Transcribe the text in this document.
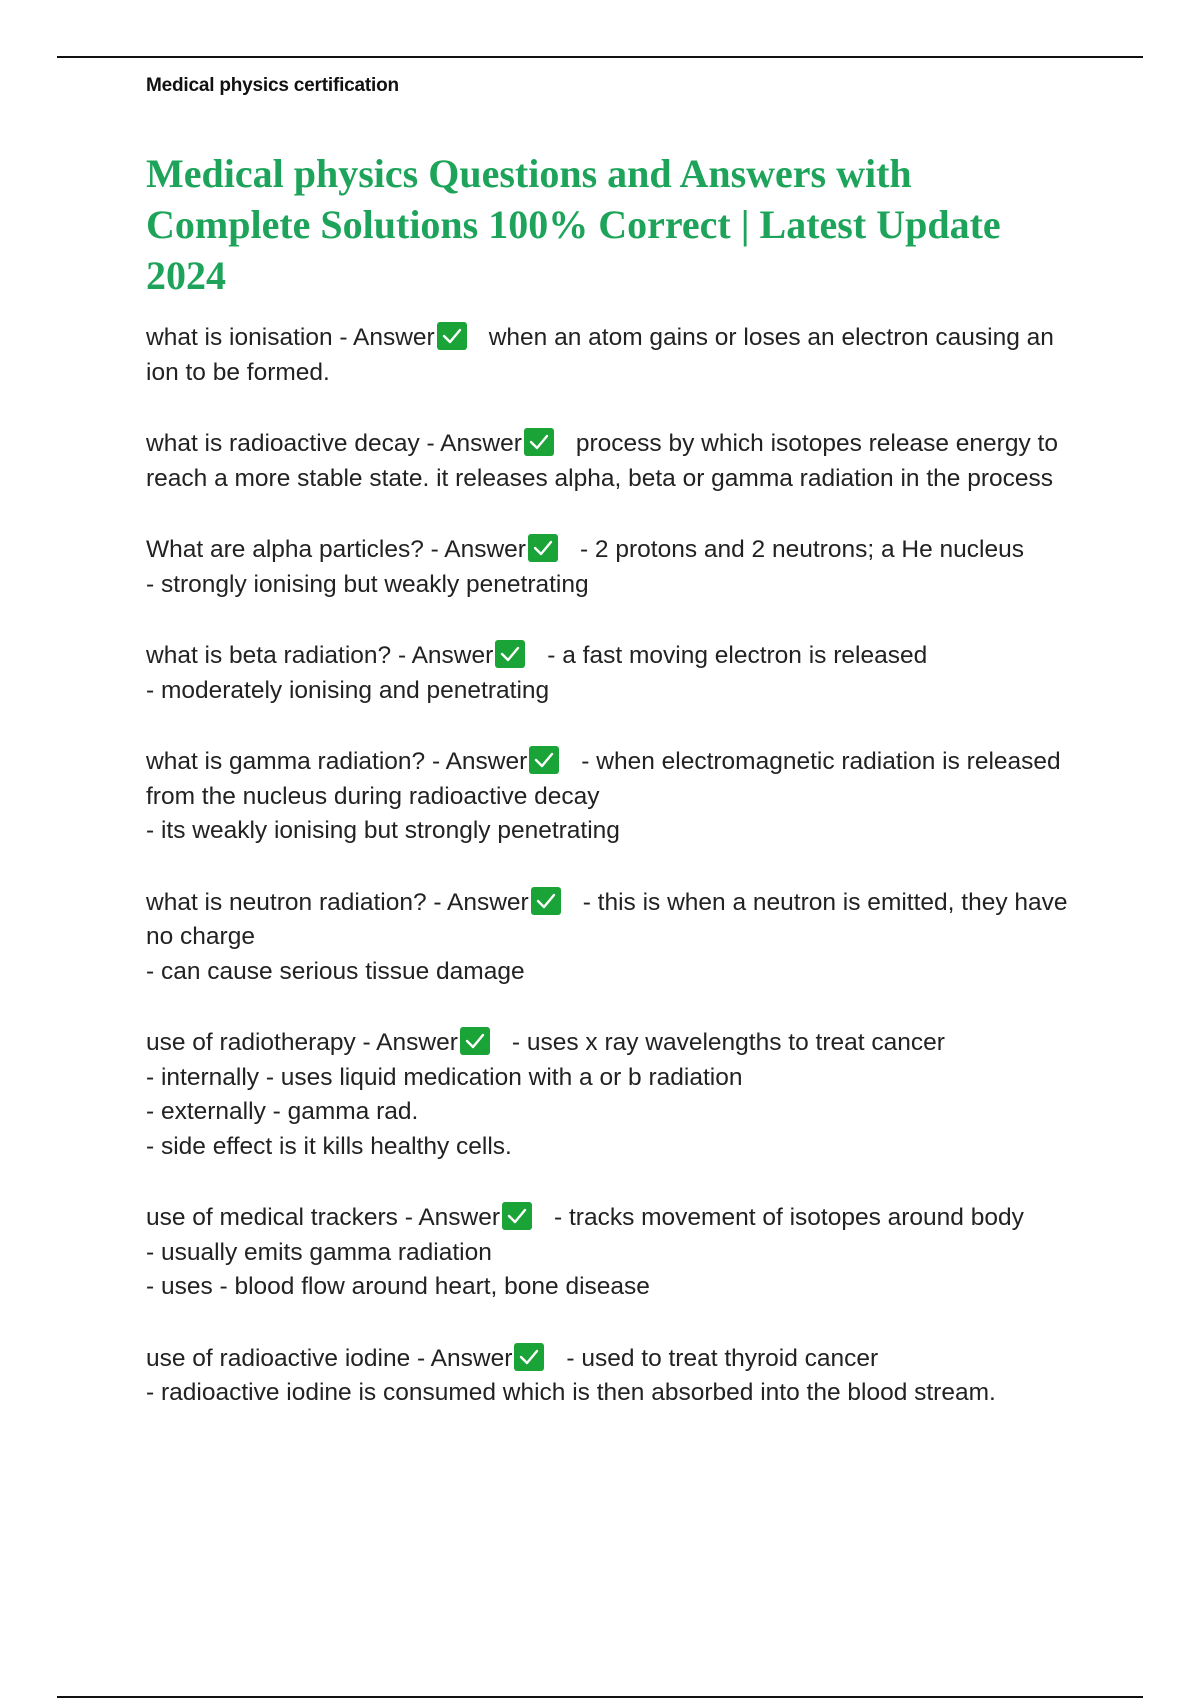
Medical physics certification
Medical physics Questions and Answers with Complete Solutions 100% Correct | Latest Update 2024
what is ionisation - Answer when an atom gains or loses an electron causing an ion to be formed.
what is radioactive decay - Answer process by which isotopes release energy to reach a more stable state. it releases alpha, beta or gamma radiation in the process
What are alpha particles? - Answer - 2 protons and 2 neutrons; a He nucleus
- strongly ionising but weakly penetrating
what is beta radiation? - Answer - a fast moving electron is released
- moderately ionising and penetrating
what is gamma radiation? - Answer - when electromagnetic radiation is released from the nucleus during radioactive decay
- its weakly ionising but strongly penetrating
what is neutron radiation? - Answer - this is when a neutron is emitted, they have no charge
- can cause serious tissue damage
use of radiotherapy - Answer - uses x ray wavelengths to treat cancer
- internally - uses liquid medication with a or b radiation
- externally - gamma rad.
- side effect is it kills healthy cells.
use of medical trackers - Answer - tracks movement of isotopes around body
- usually emits gamma radiation
- uses - blood flow around heart, bone disease
use of radioactive iodine - Answer - used to treat thyroid cancer
- radioactive iodine is consumed which is then absorbed into the blood stream.
